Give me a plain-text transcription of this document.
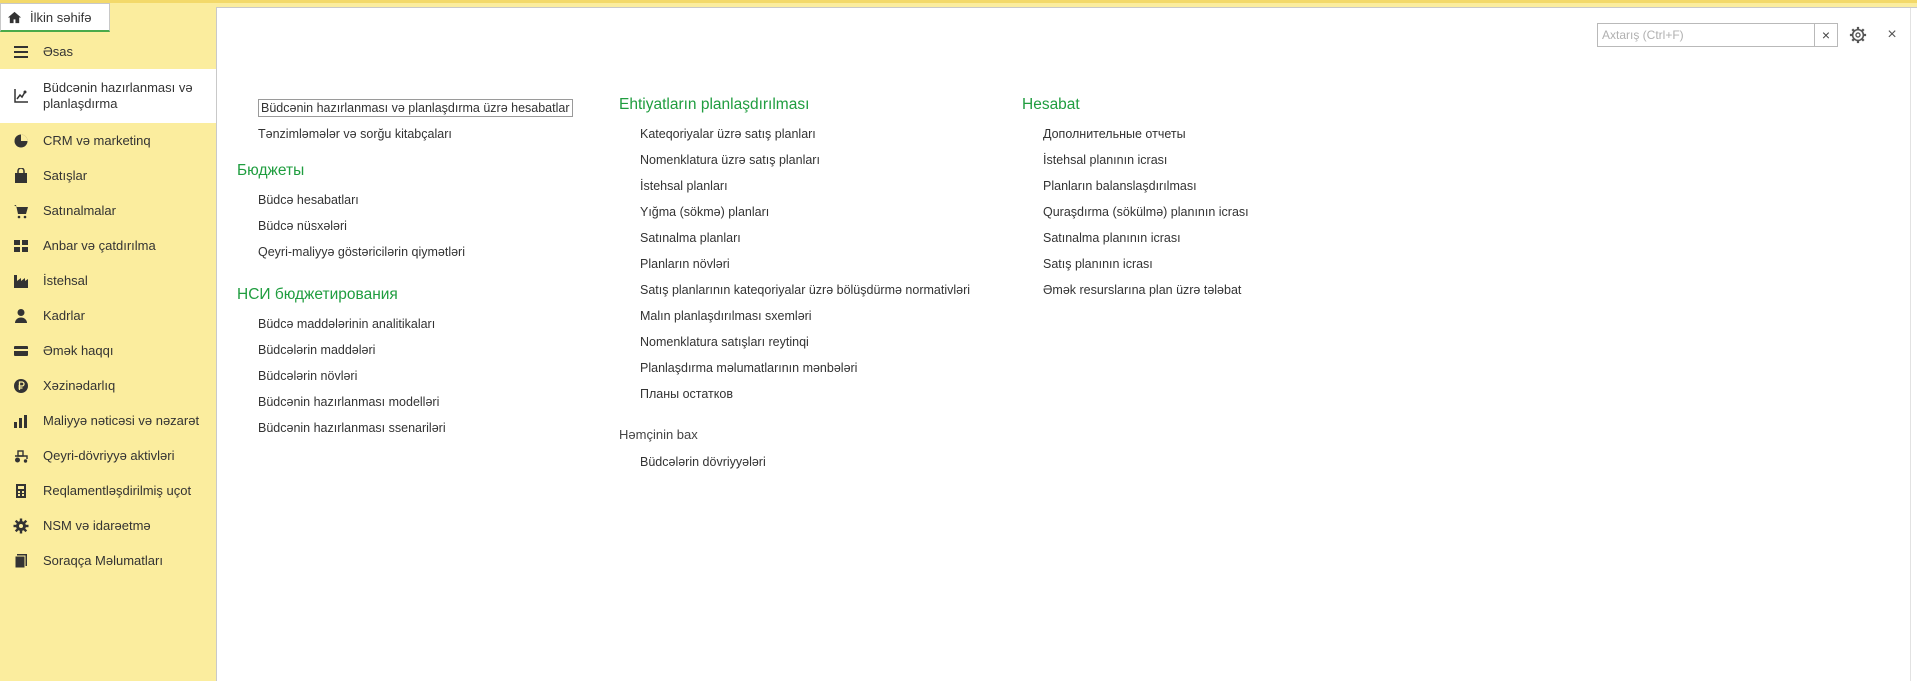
İlkin səhifə
Əsas
Büdcənin hazırlanması və planlaşdırma
CRM və marketinq
Satışlar
Satınalmalar
Anbar və çatdırılma
İstehsal
Kadrlar
Əmək haqqı
Xəzinədarlıq
Maliyyə nəticəsi və nəzarət
Qeyri-dövriyyə aktivləri
Reqlamentləşdirilmiş uçot
NSM və idarəetmə
Soraqça Məlumatları
Axtarış (Ctrl+F)
×	×
Büdcənin hazırlanması və planlaşdırma üzrə hesabatlar
Tənzimləmələr və sorğu kitabçaları
Бюджеты
Büdcə hesabatları
Büdcə nüsxələri
Qeyri-maliyyə göstəricilərin qiymətləri
НСИ бюджетирования
Büdcə maddələrinin analitikaları
Büdcələrin maddələri
Büdcələrin növləri
Büdcənin hazırlanması modelləri
Büdcənin hazırlanması ssenariləri
Ehtiyatların planlaşdırılması
Kateqoriyalar üzrə satış planları
Nomenklatura üzrə satış planları
İstehsal planları
Yığma (sökmə) planları
Satınalma planları
Planların növləri
Satış planlarının kateqoriyalar üzrə bölüşdürmə normativləri
Malın planlaşdırılması sxemləri
Nomenklatura satışları reytinqi
Planlaşdırma məlumatlarının mənbələri
Планы остатков
Həmçinin bax
Büdcələrin dövriyyələri
Hesabat
Дополнительные отчеты
İstehsal planının icrası
Planların balanslaşdırılması
Quraşdırma (sökülmə) planının icrası
Satınalma planının icrası
Satış planının icrası
Əmək resurslarına plan üzrə tələbat
